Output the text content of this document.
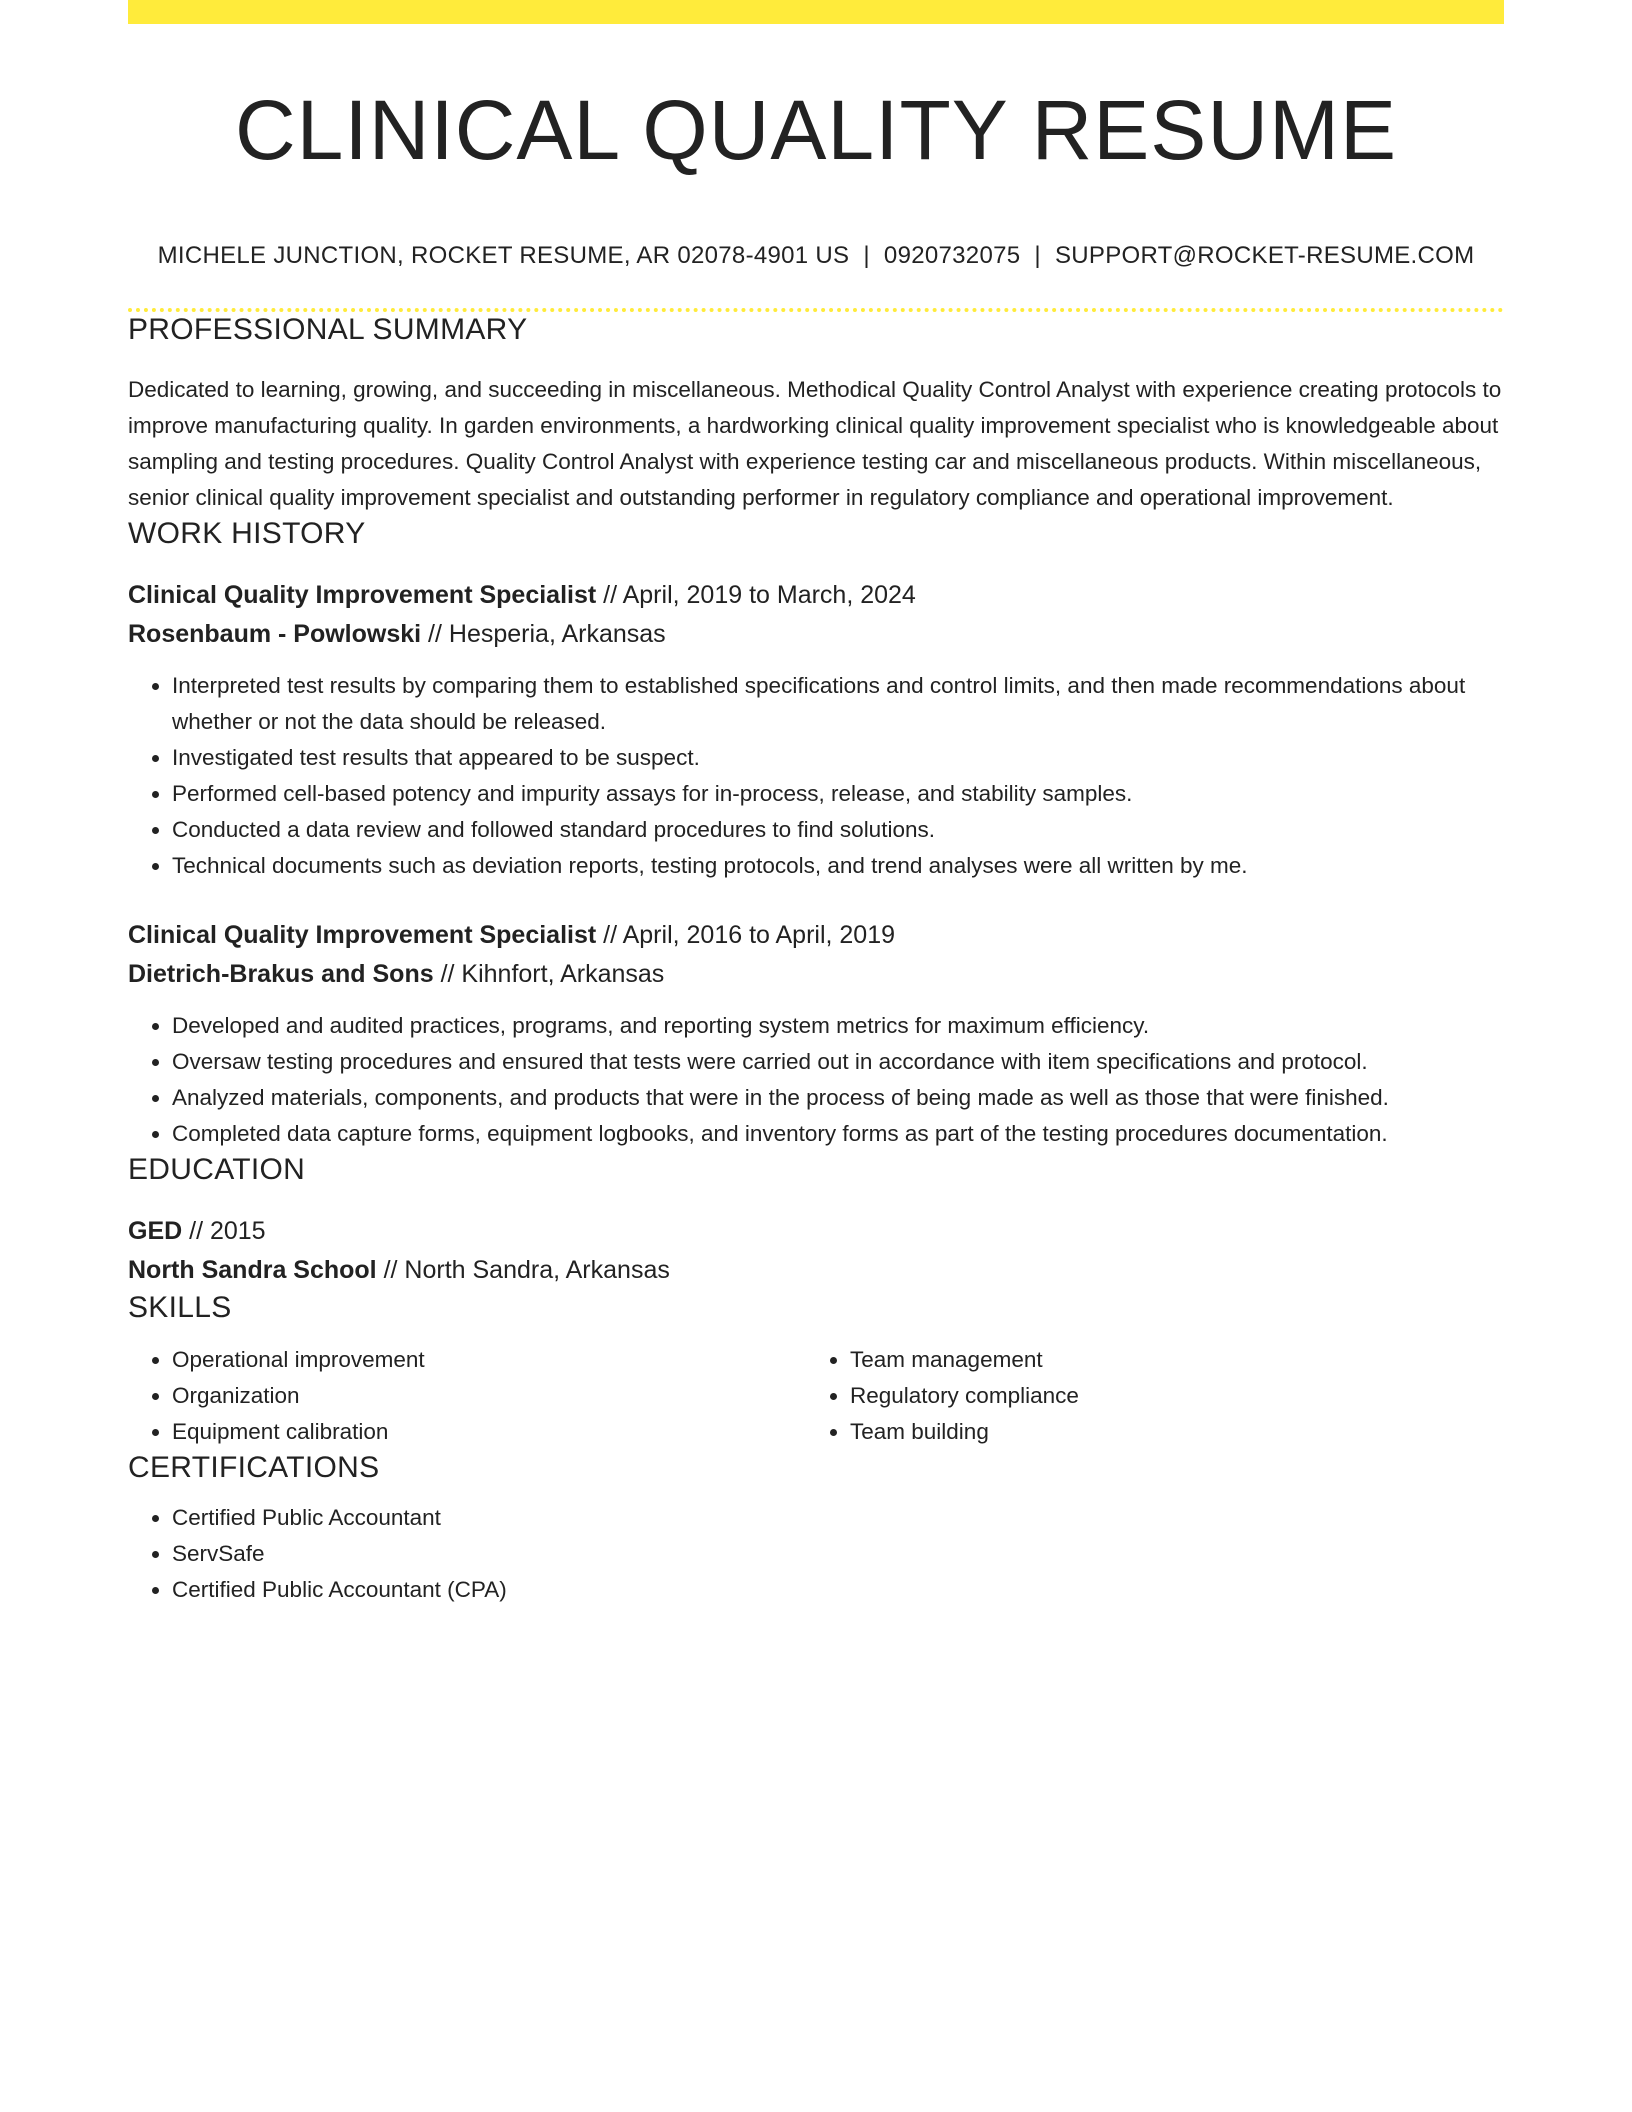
CLINICAL QUALITY RESUME
MICHELE JUNCTION, ROCKET RESUME, AR 02078-4901 US | 0920732075 | SUPPORT@ROCKET-RESUME.COM
PROFESSIONAL SUMMARY
Dedicated to learning, growing, and succeeding in miscellaneous. Methodical Quality Control Analyst with experience creating protocols to improve manufacturing quality. In garden environments, a hardworking clinical quality improvement specialist who is knowledgeable about sampling and testing procedures. Quality Control Analyst with experience testing car and miscellaneous products. Within miscellaneous, senior clinical quality improvement specialist and outstanding performer in regulatory compliance and operational improvement.
WORK HISTORY
Clinical Quality Improvement Specialist // April, 2019 to March, 2024
Rosenbaum - Powlowski // Hesperia, Arkansas
• Interpreted test results by comparing them to established specifications and control limits, and then made recommendations about whether or not the data should be released.
• Investigated test results that appeared to be suspect.
• Performed cell-based potency and impurity assays for in-process, release, and stability samples.
• Conducted a data review and followed standard procedures to find solutions.
• Technical documents such as deviation reports, testing protocols, and trend analyses were all written by me.
Clinical Quality Improvement Specialist // April, 2016 to April, 2019
Dietrich-Brakus and Sons // Kihnfort, Arkansas
• Developed and audited practices, programs, and reporting system metrics for maximum efficiency.
• Oversaw testing procedures and ensured that tests were carried out in accordance with item specifications and protocol.
• Analyzed materials, components, and products that were in the process of being made as well as those that were finished.
• Completed data capture forms, equipment logbooks, and inventory forms as part of the testing procedures documentation.
EDUCATION
GED // 2015
North Sandra School // North Sandra, Arkansas
SKILLS
• Operational improvement
• Organization
• Equipment calibration
• Team management
• Regulatory compliance
• Team building
CERTIFICATIONS
• Certified Public Accountant
• ServSafe
• Certified Public Accountant (CPA)
